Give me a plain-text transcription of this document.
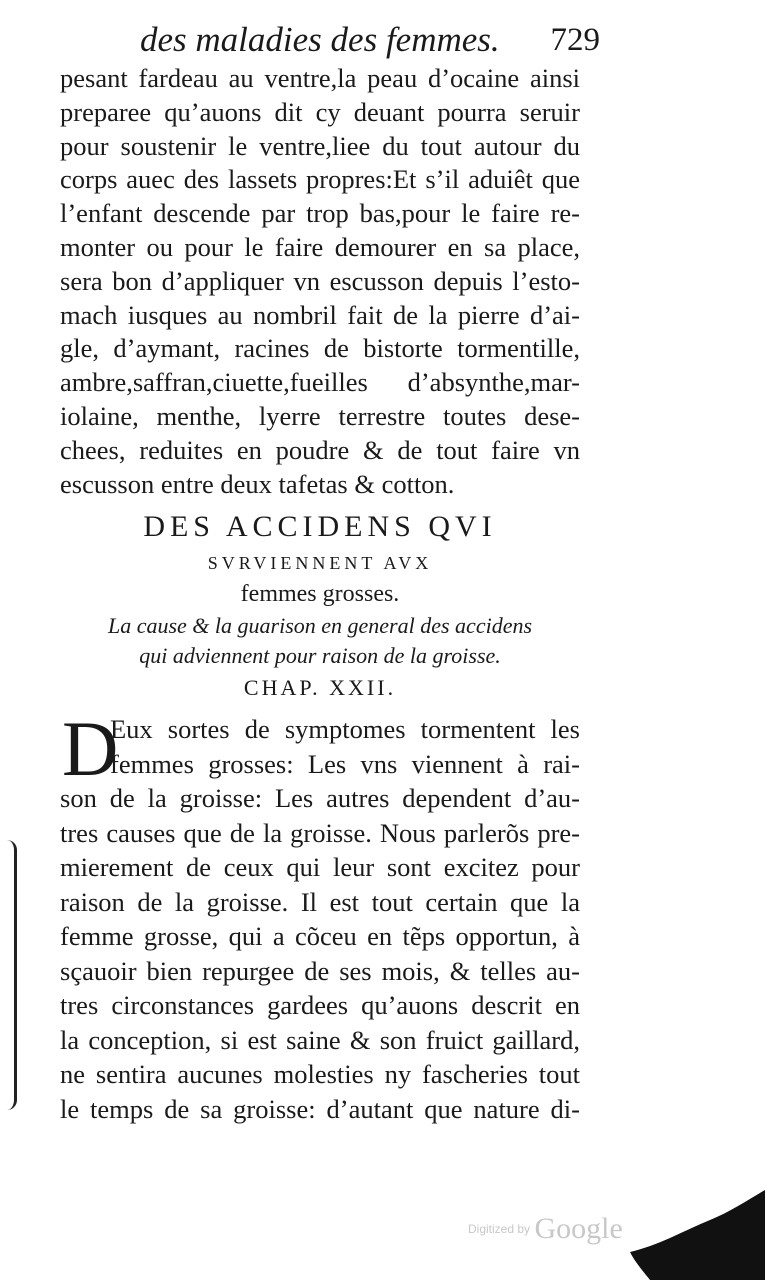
des maladies des femmes. 729
pesant fardeau au ventre,la peau d’ocaine ainsi
preparee qu’auons dit cy deuant pourra seruir
pour soustenir le ventre,liee du tout autour du
corps auec des lassets propres:Et s’il aduiêt que
l’enfant descende par trop bas,pour le faire re-
monter ou pour le faire demourer en sa place,
sera bon d’appliquer vn escusson depuis l’esto-
mach iusques au nombril fait de la pierre d’ai-
gle, d’aymant, racines de bistorte tormentille,
ambre,saffran,ciuette,fueilles d’absynthe,mar-
iolaine, menthe, lyerre terrestre toutes dese-
chees, reduites en poudre & de tout faire vn
escusson entre deux tafetas & cotton.
DES ACCIDENS QVI
SVRVIENNENT AVX
femmes grosses.
La cause & la guarison en general des accidens
qui adviennent pour raison de la groisse.
CHAP. XXII.
D
Eux sortes de symptomes tormentent les
femmes grosses: Les vns viennent à rai-
son de la groisse: Les autres dependent d’au-
tres causes que de la groisse. Nous parlerõs pre-
mierement de ceux qui leur sont excitez pour
raison de la groisse. Il est tout certain que la
femme grosse, qui a cõceu en tẽps opportun, à
sçauoir bien repurgee de ses mois, & telles au-
tres circonstances gardees qu’auons descrit en
la conception, si est saine & son fruict gaillard,
ne sentira aucunes molesties ny fascheries tout
le temps de sa groisse: d’autant que nature di-
Digitized by Google
